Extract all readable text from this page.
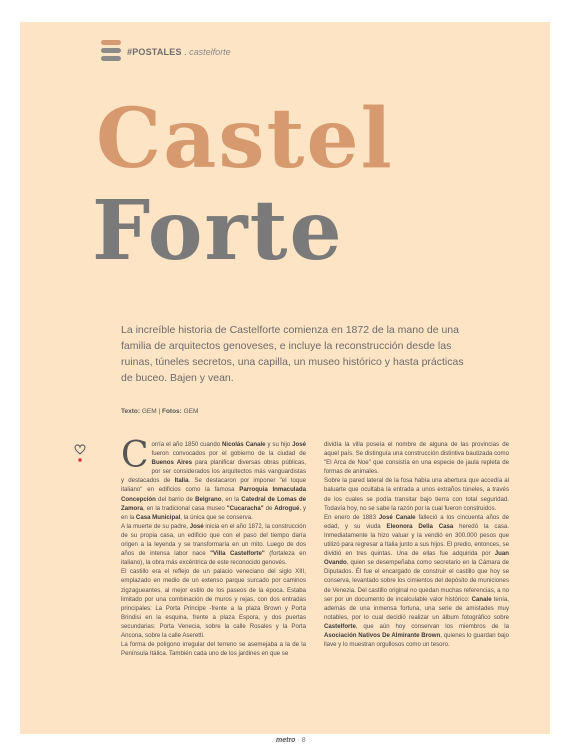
#POSTALES . castelforte
Castel
Forte
La increíble historia de Castelforte comienza en 1872 de la mano de una familia de arquitectos genoveses, e incluye la reconstrucción desde las ruinas, túneles secretos, una capilla, un museo histórico y hasta prácticas de buceo. Bajen y vean.
Texto: GEM | Fotos: GEM

Corría el año 1850 cuando Nicolás Canale y su hijo José fueron convocados por el gobierno de la ciudad de Buenos Aires para planificar diversas obras públicas, por ser considerados los arquitectos más vanguardistas y destacados de Italia. Se destacaron por imponer "el toque italiano" en edificios como la famosa Parroquia Inmaculada Concepción del barrio de Belgrano, en la Catedral de Lomas de Zamora, en la tradicional casa museo "Cucaracha" de Adrogué, y en la Casa Municipal, la única que se conserva.

A la muerte de su padre, José inicia en el año 1872, la construcción de su propia casa, un edificio que con el paso del tiempo daría origen a la leyenda y se transformaría en un mito. Luego de dos años de intensa labor nace "Villa Castelforte" (fortaleza en italiano), la obra más excéntrica de este reconocido genovés.

El castillo era el reflejo de un palacio veneciano del siglo XIII, emplazado en medio de un extenso parque surcado por caminos zigzagueantes, al mejor estilo de los paseos de la época. Estaba limitado por una combinación de muros y rejas, con dos entradas principales: La Porta Principe -frente a la plaza Brown y Porta Brindisi en la esquina, frente a plaza Espora, y dos puertas secundarias: Porta Venecia, sobre la calle Rosales y la Porta Ancona, sobre la calle Aseretti.

La forma de polígono irregular del terreno se asemejaba a la de la Península Itálica. También cada uno de los jardines en que se

dividía la villa poseía el nombre de alguna de las provincias de aquel país. Se distinguía una construcción distintiva bautizada como "El Arca de Noe" que consistía en una especie de jaula repleta de formas de animales.

Sobre la pared lateral de la fosa había una abertura que accedía al baluarte que ocultaba la entrada a unos extraños túneles, a través de los cuales se podía transitar bajo tierra con total seguridad. Todavía hoy, no se sabe la razón por la cual fueron construidos.

En enero de 1883 José Canale falleció a los cincuenta años de edad, y su viuda Eleonora Della Casa heredó la casa. Inmediatamente la hizo valuar y la vendió en 300.000 pesos que utilizó para regresar a Italia junto a sus hijos. El predio, entonces, se dividió en tres quintas. Una de ellas fue adquirida por Juan Ovando, quien se desempeñaba como secretario en la Cámara de Diputados. Él fue el encargado de construir el castillo que hoy se conserva, levantado sobre los cimientos del depósito de municiones de Venezia. Del castillo original no quedan muchas referencias, a no ser por un documento de incalculable valor histórico: Canale tenía, además de una inmensa fortuna, una serie de amistades muy notables, por lo cual decidió realizar un álbum fotográfico sobre Castelforte, que aún hoy conservan los miembros de la Asociación Nativos De Almirante Brown, quienes lo guardan bajo llave y lo muestran orgullosos como un tesoro.

metro · 8
